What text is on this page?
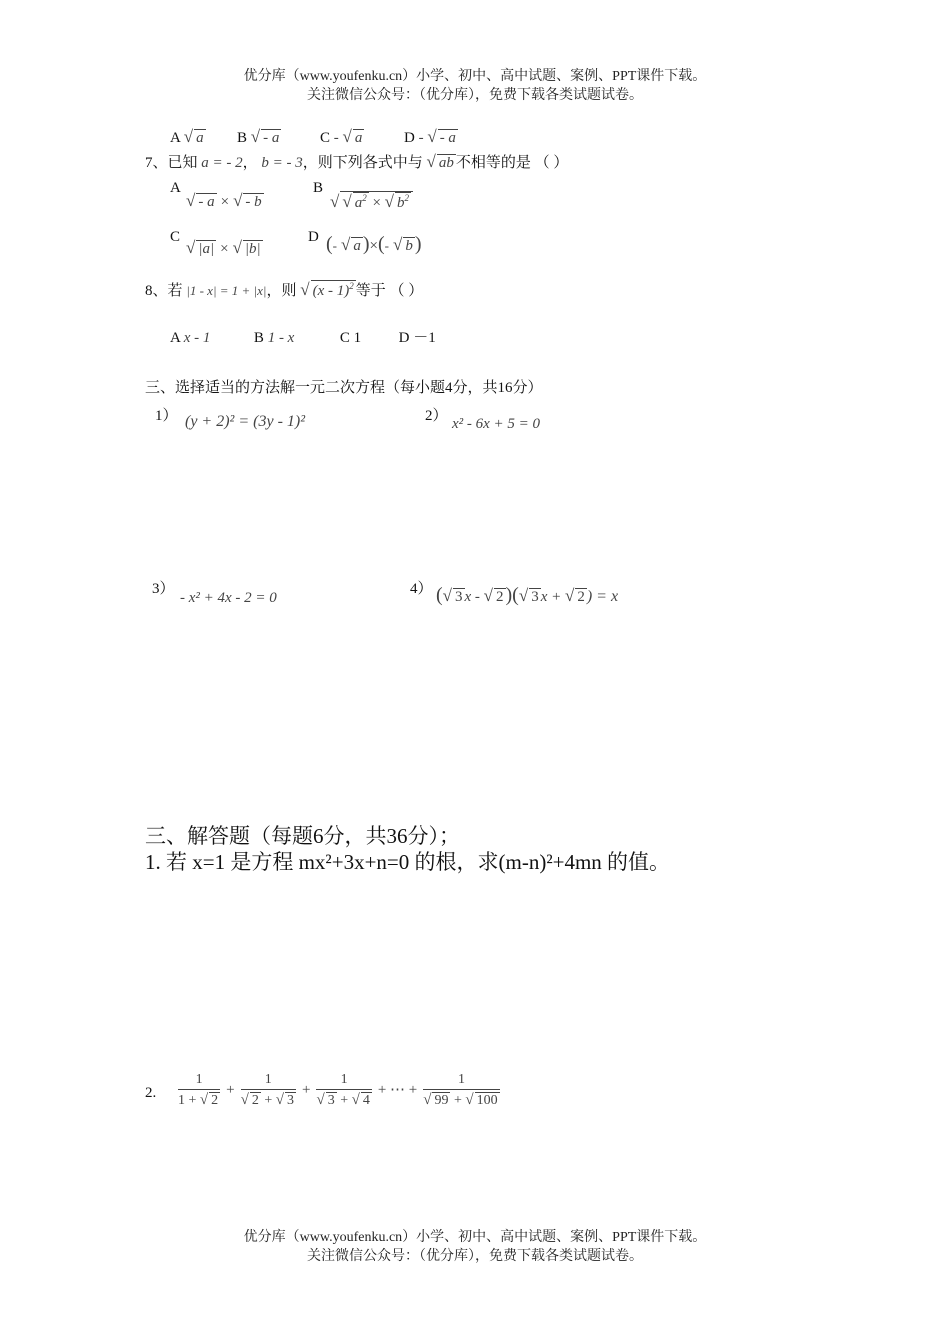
优分库（www.youfenku.cn）小学、初中、高中试题、案例、PPT课件下载。
关注微信公众号：（优分库），免费下载各类试题试卷。
A √ a B √ - a	C - √ a	D - √ - a
7、已知 a = - 2， b = - 3，则下列各式中与 √ ab 不相等的是 （ ）
A
√ - a × √ - b
B
√ √ $a^2$ × √ $b^2$
C
√ |a| × √ |b|
D (- √ a )×(- √ b )
8、若 |1 - x| = 1 + |x|，则 √ (x - 1)$^2$ 等于 （ ）
A x - 1	B 1 - x	C 1	D －1
三、选择适当的方法解一元二次方程（每小题4分，共16分）
1） (y + 2)² = (3y - 1)²	2） x² - 6x + 5 = 0
3）
- x² + 4x - 2 = 0
4） (√ 3 x - √ 2 )(√ 3 x + √ 2 ) = x
三、解答题（每题6分，共36分）；
1. 若 x=1 是方程 mx²+3x+n=0 的根，求(m-n)²+4mn 的值。
2. $\frac{1}{1 + √ 2} + \frac{1}{√ 2 + √ 3} + \frac{1}{√ 3 + √ 4}$ + ⋯ + $\frac{1}{√ 99 + √ 100}$
优分库（www.youfenku.cn）小学、初中、高中试题、案例、PPT课件下载。
关注微信公众号：（优分库），免费下载各类试题试卷。
